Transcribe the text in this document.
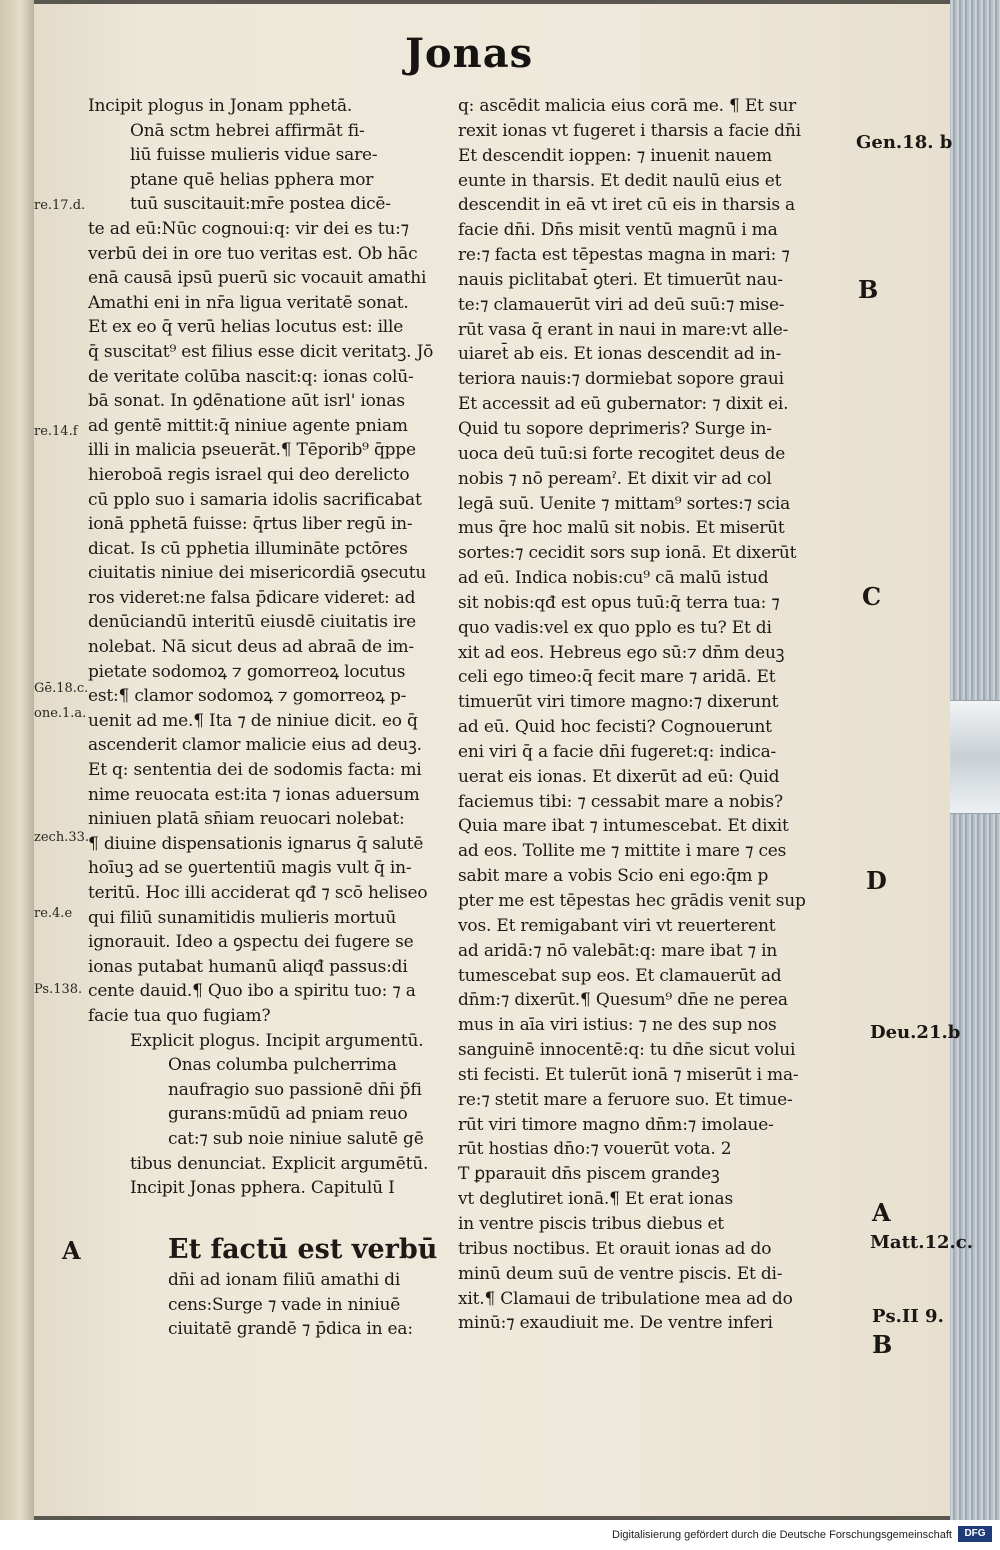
Jonas
Incipit plogus in Jonam pphetā.
Onā sctm hebrei affirmāt fi-
liū fuisse mulieris vidue sare-
ptane quē helias pphera mor
tuū suscitauit:mr̄e postea dicē-
te ad eū:Nūc cognoui:q: vir dei es tu:⁊
verbū dei in ore tuo veritas est. Ob hāc
enā causā ipsū puerū sic vocauit amathi
Amathi eni in nr̄a ligua veritatē sonat.
Et ex eo q̄ verū helias locutus est: ille
q̄ suscitat⁹ est filius esse dicit veritatꝫ. Jō
de veritate colūba nascit:q: ionas colū-
bā sonat. In ꝯdēnatione aūt isrl' ionas
ad gentē mittit:q̄ niniue agente pniam
illi in malicia pseuerāt.¶ Tēporib⁹ q̄ppe
hieroboā regis israel qui deo derelicto
cū pplo suo i samaria idolis sacrificabat
ionā pphetā fuisse: q̄rtus liber regū in-
dicat. Is cū pphetia illumināte pctōres
ciuitatis niniue dei misericordiā ꝯsecutu
ros videret:ne falsa p̄dicare videret: ad
denūciandū interitū eiusdē ciuitatis ire
nolebat. Nā sicut deus ad abraā de im-
pietate sodomoꝝ ⁊ gomorreoꝝ locutus
est:¶ clamor sodomoꝝ ⁊ gomorreoꝝ p-
uenit ad me.¶ Ita ⁊ de niniue dicit. eo q̄
ascenderit clamor malicie eius ad deuꝫ.
Et q: sententia dei de sodomis facta: mi
nime reuocata est:ita ⁊ ionas aduersum
niniuen platā sn̄iam reuocari nolebat:
¶ diuine dispensationis ignarus q̄ salutē
hoīuꝫ ad se ꝯuertentiū magis vult q̄ in-
teritū. Hoc illi acciderat qđ ⁊ scō heliseo
qui filiū sunamitidis mulieris mortuū
ignorauit. Ideo a ꝯspectu dei fugere se
ionas putabat humanū aliqđ passus:di
cente dauid.¶ Quo ibo a spiritu tuo: ⁊ a
facie tua quo fugiam?
Explicit plogus. Incipit argumentū.
Onas columba pulcherrima
naufragio suo passionē dn̄i p̄fi
gurans:mūdū ad pniam reuo
cat:⁊ sub noie niniue salutē gē
tibus denunciat. Explicit argumētū.
Incipit Jonas pphera. Capitulū I
Et factū est verbū
dn̄i ad ionam filiū amathi di
cens:Surge ⁊ vade in niniuē
ciuitatē grandē ⁊ p̄dica in ea:
q: ascēdit malicia eius corā me. ¶ Et sur
rexit ionas vt fugeret i tharsis a facie dn̄i
Et descendit ioppen: ⁊ inuenit nauem
eunte in tharsis. Et dedit naulū eius et
descendit in eā vt iret cū eis in tharsis a
facie dn̄i. Dn̄s misit ventū magnū i ma
re:⁊ facta est tēpestas magna in mari: ⁊
nauis piclitabat̄ ꝯteri. Et timuerūt nau-
te:⁊ clamauerūt viri ad deū suū:⁊ mise-
rūt vasa q̄ erant in naui in mare:vt alle-
uiaret̄ ab eis. Et ionas descendit ad in-
teriora nauis:⁊ dormiebat sopore graui
Et accessit ad eū gubernator: ⁊ dixit ei.
Quid tu sopore deprimeris? Surge in-
uoca deū tuū:si forte recogitet deus de
nobis ⁊ nō pereamˀ. Et dixit vir ad col
legā suū. Uenite ⁊ mittam⁹ sortes:⁊ scia
mus q̄re hoc malū sit nobis. Et miserūt
sortes:⁊ cecidit sors sup ionā. Et dixerūt
ad eū. Indica nobis:cu⁹ cā malū istud
sit nobis:qđ est opus tuū:q̄ terra tua: ⁊
quo vadis:vel ex quo pplo es tu? Et di
xit ad eos. Hebreus ego sū:⁊ dn̄m deuꝫ
celi ego timeo:q̄ fecit mare ⁊ aridā. Et
timuerūt viri timore magno:⁊ dixerunt
ad eū. Quid hoc fecisti? Cognouerunt
eni viri q̄ a facie dn̄i fugeret:q: indica-
uerat eis ionas. Et dixerūt ad eū: Quid
faciemus tibi: ⁊ cessabit mare a nobis?
Quia mare ibat ⁊ intumescebat. Et dixit
ad eos. Tollite me ⁊ mittite i mare ⁊ ces
sabit mare a vobis Scio eni ego:q̄m p
pter me est tēpestas hec grādis venit sup
vos. Et remigabant viri vt reuerterent
ad aridā:⁊ nō valebāt:q: mare ibat ⁊ in
tumescebat sup eos. Et clamauerūt ad
dn̄m:⁊ dixerūt.¶ Quesum⁹ dn̄e ne perea
mus in aīa viri istius: ⁊ ne des sup nos
sanguinē innocentē:q: tu dn̄e sicut volui
sti fecisti. Et tulerūt ionā ⁊ miserūt i ma-
re:⁊ stetit mare a feruore suo. Et timue-
rūt viri timore magno dn̄m:⁊ imolaue-
rūt hostias dn̄o:⁊ vouerūt vota. 2
T ꝑparauit dn̄s piscem grandeꝫ
vt deglutiret ionā.¶ Et erat ionas
in ventre piscis tribus diebus et
tribus noctibus. Et orauit ionas ad do
minū deum suū de ventre piscis. Et di-
xit.¶ Clamaui de tribulatione mea ad do
minū:⁊ exaudiuit me. De ventre inferi
re.17.d.
re.14.f
Gē.18.c.
one.1.a.
zech.33.
re.4.e
Ps.138.
A
Gen.18. b
B
C
D
Deu.21.b
A
Matt.12.c.
Ps.II 9.
B
Digitalisierung gefördert durch die Deutsche Forschungsgemeinschaft	DFG
